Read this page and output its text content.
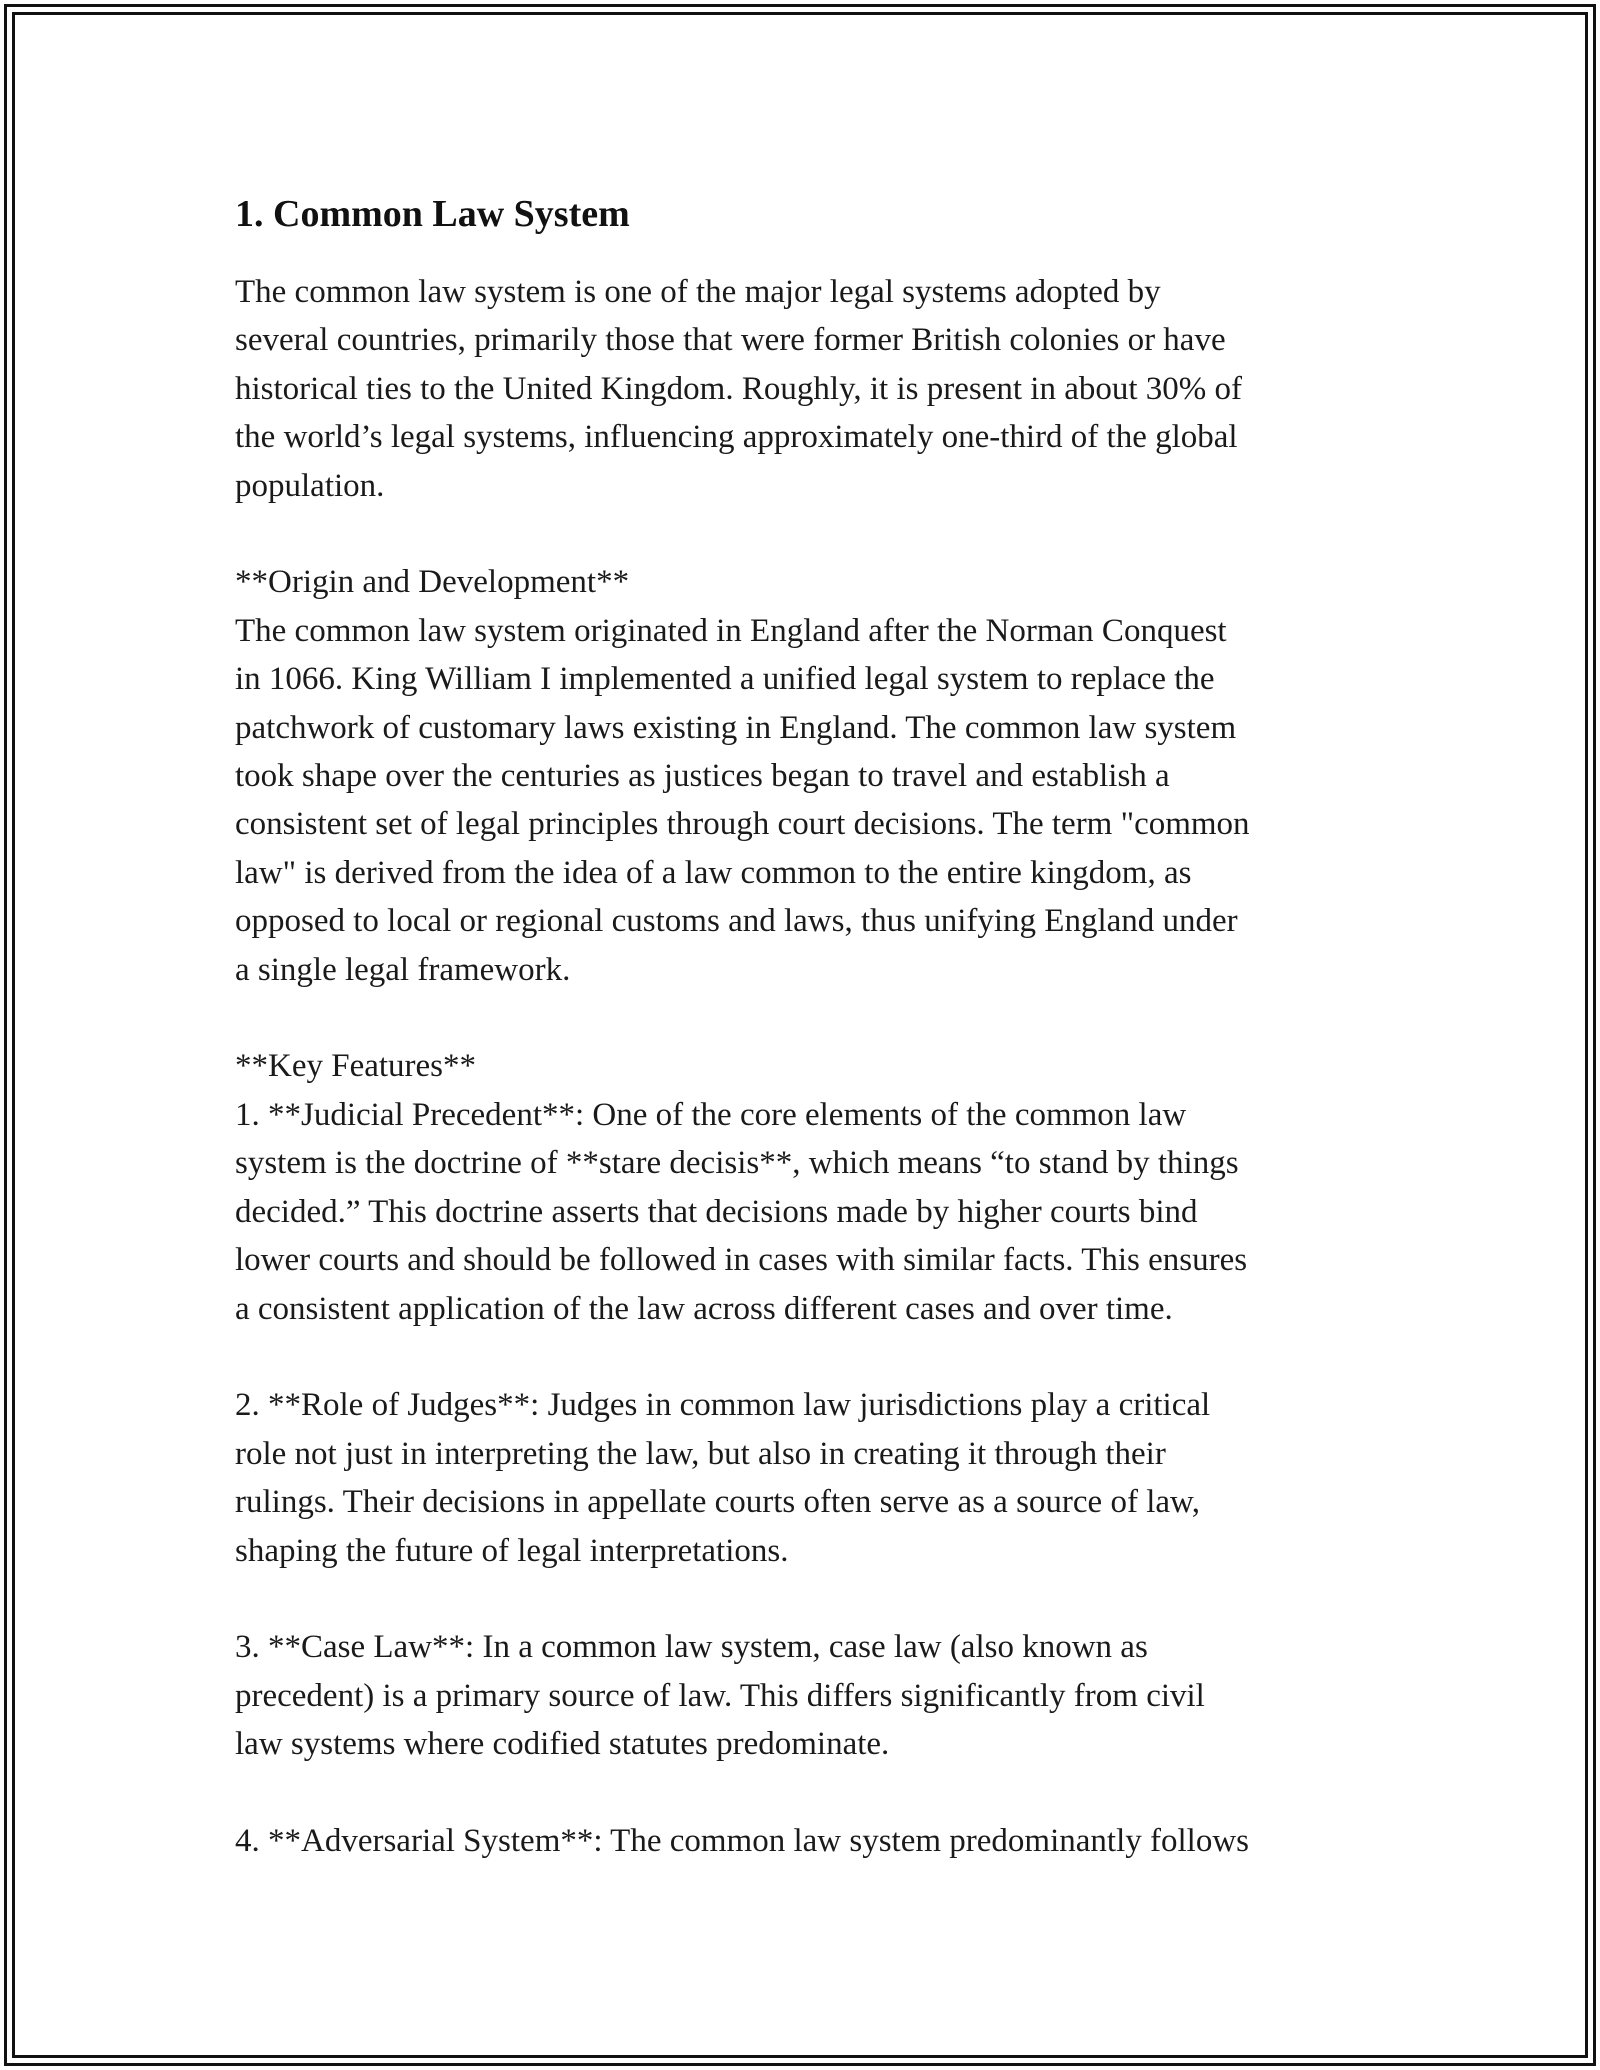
1. Common Law System

The common law system is one of the major legal systems adopted by
several countries, primarily those that were former British colonies or have
historical ties to the United Kingdom. Roughly, it is present in about 30% of
the world’s legal systems, influencing approximately one-third of the global
population.

**Origin and Development**
The common law system originated in England after the Norman Conquest
in 1066. King William I implemented a unified legal system to replace the
patchwork of customary laws existing in England. The common law system
took shape over the centuries as justices began to travel and establish a
consistent set of legal principles through court decisions. The term "common
law" is derived from the idea of a law common to the entire kingdom, as
opposed to local or regional customs and laws, thus unifying England under
a single legal framework.

**Key Features**
1. **Judicial Precedent**: One of the core elements of the common law
system is the doctrine of **stare decisis**, which means “to stand by things
decided.” This doctrine asserts that decisions made by higher courts bind
lower courts and should be followed in cases with similar facts. This ensures
a consistent application of the law across different cases and over time.

2. **Role of Judges**: Judges in common law jurisdictions play a critical
role not just in interpreting the law, but also in creating it through their
rulings. Their decisions in appellate courts often serve as a source of law,
shaping the future of legal interpretations.

3. **Case Law**: In a common law system, case law (also known as
precedent) is a primary source of law. This differs significantly from civil
law systems where codified statutes predominate.

4. **Adversarial System**: The common law system predominantly follows
